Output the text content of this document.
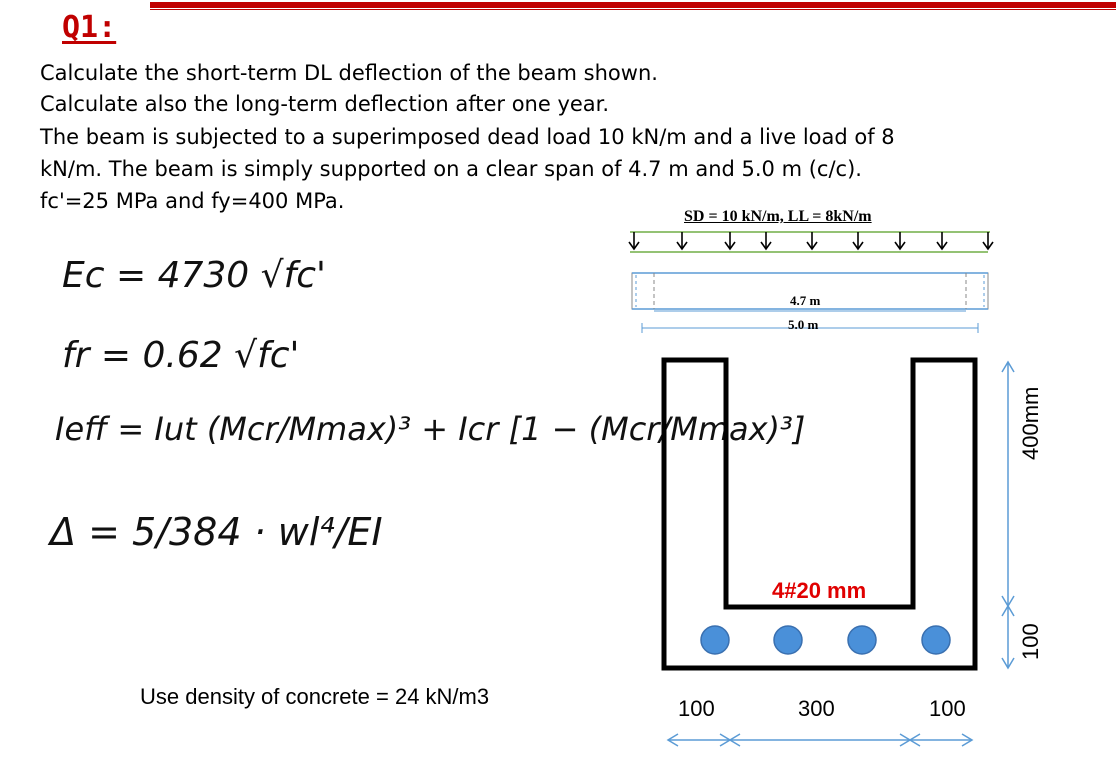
Q1:
Calculate the short-term DL deflection of the beam shown.
Calculate also the long-term deflection after one year.
The beam is subjected to a superimposed dead load 10 kN/m and a live load of 8
kN/m. The beam is simply supported on a clear span of 4.7 m and 5.0 m (c/c).
fc'=25 MPa and fy=400 MPa.
Ec = 4730 √fc'
fr = 0.62 √fc'
Ieff = Iut (Mcr/Mmax)³ + Icr [1 − (Mcr/Mmax)³]
Δ = 5/384 · wl⁴/EI
Use density of concrete = 24 kN/m3
SD = 10 kN/m, LL = 8kN/m
4.7 m
5.0 m
4#20 mm
100	300	100
400mm
100
